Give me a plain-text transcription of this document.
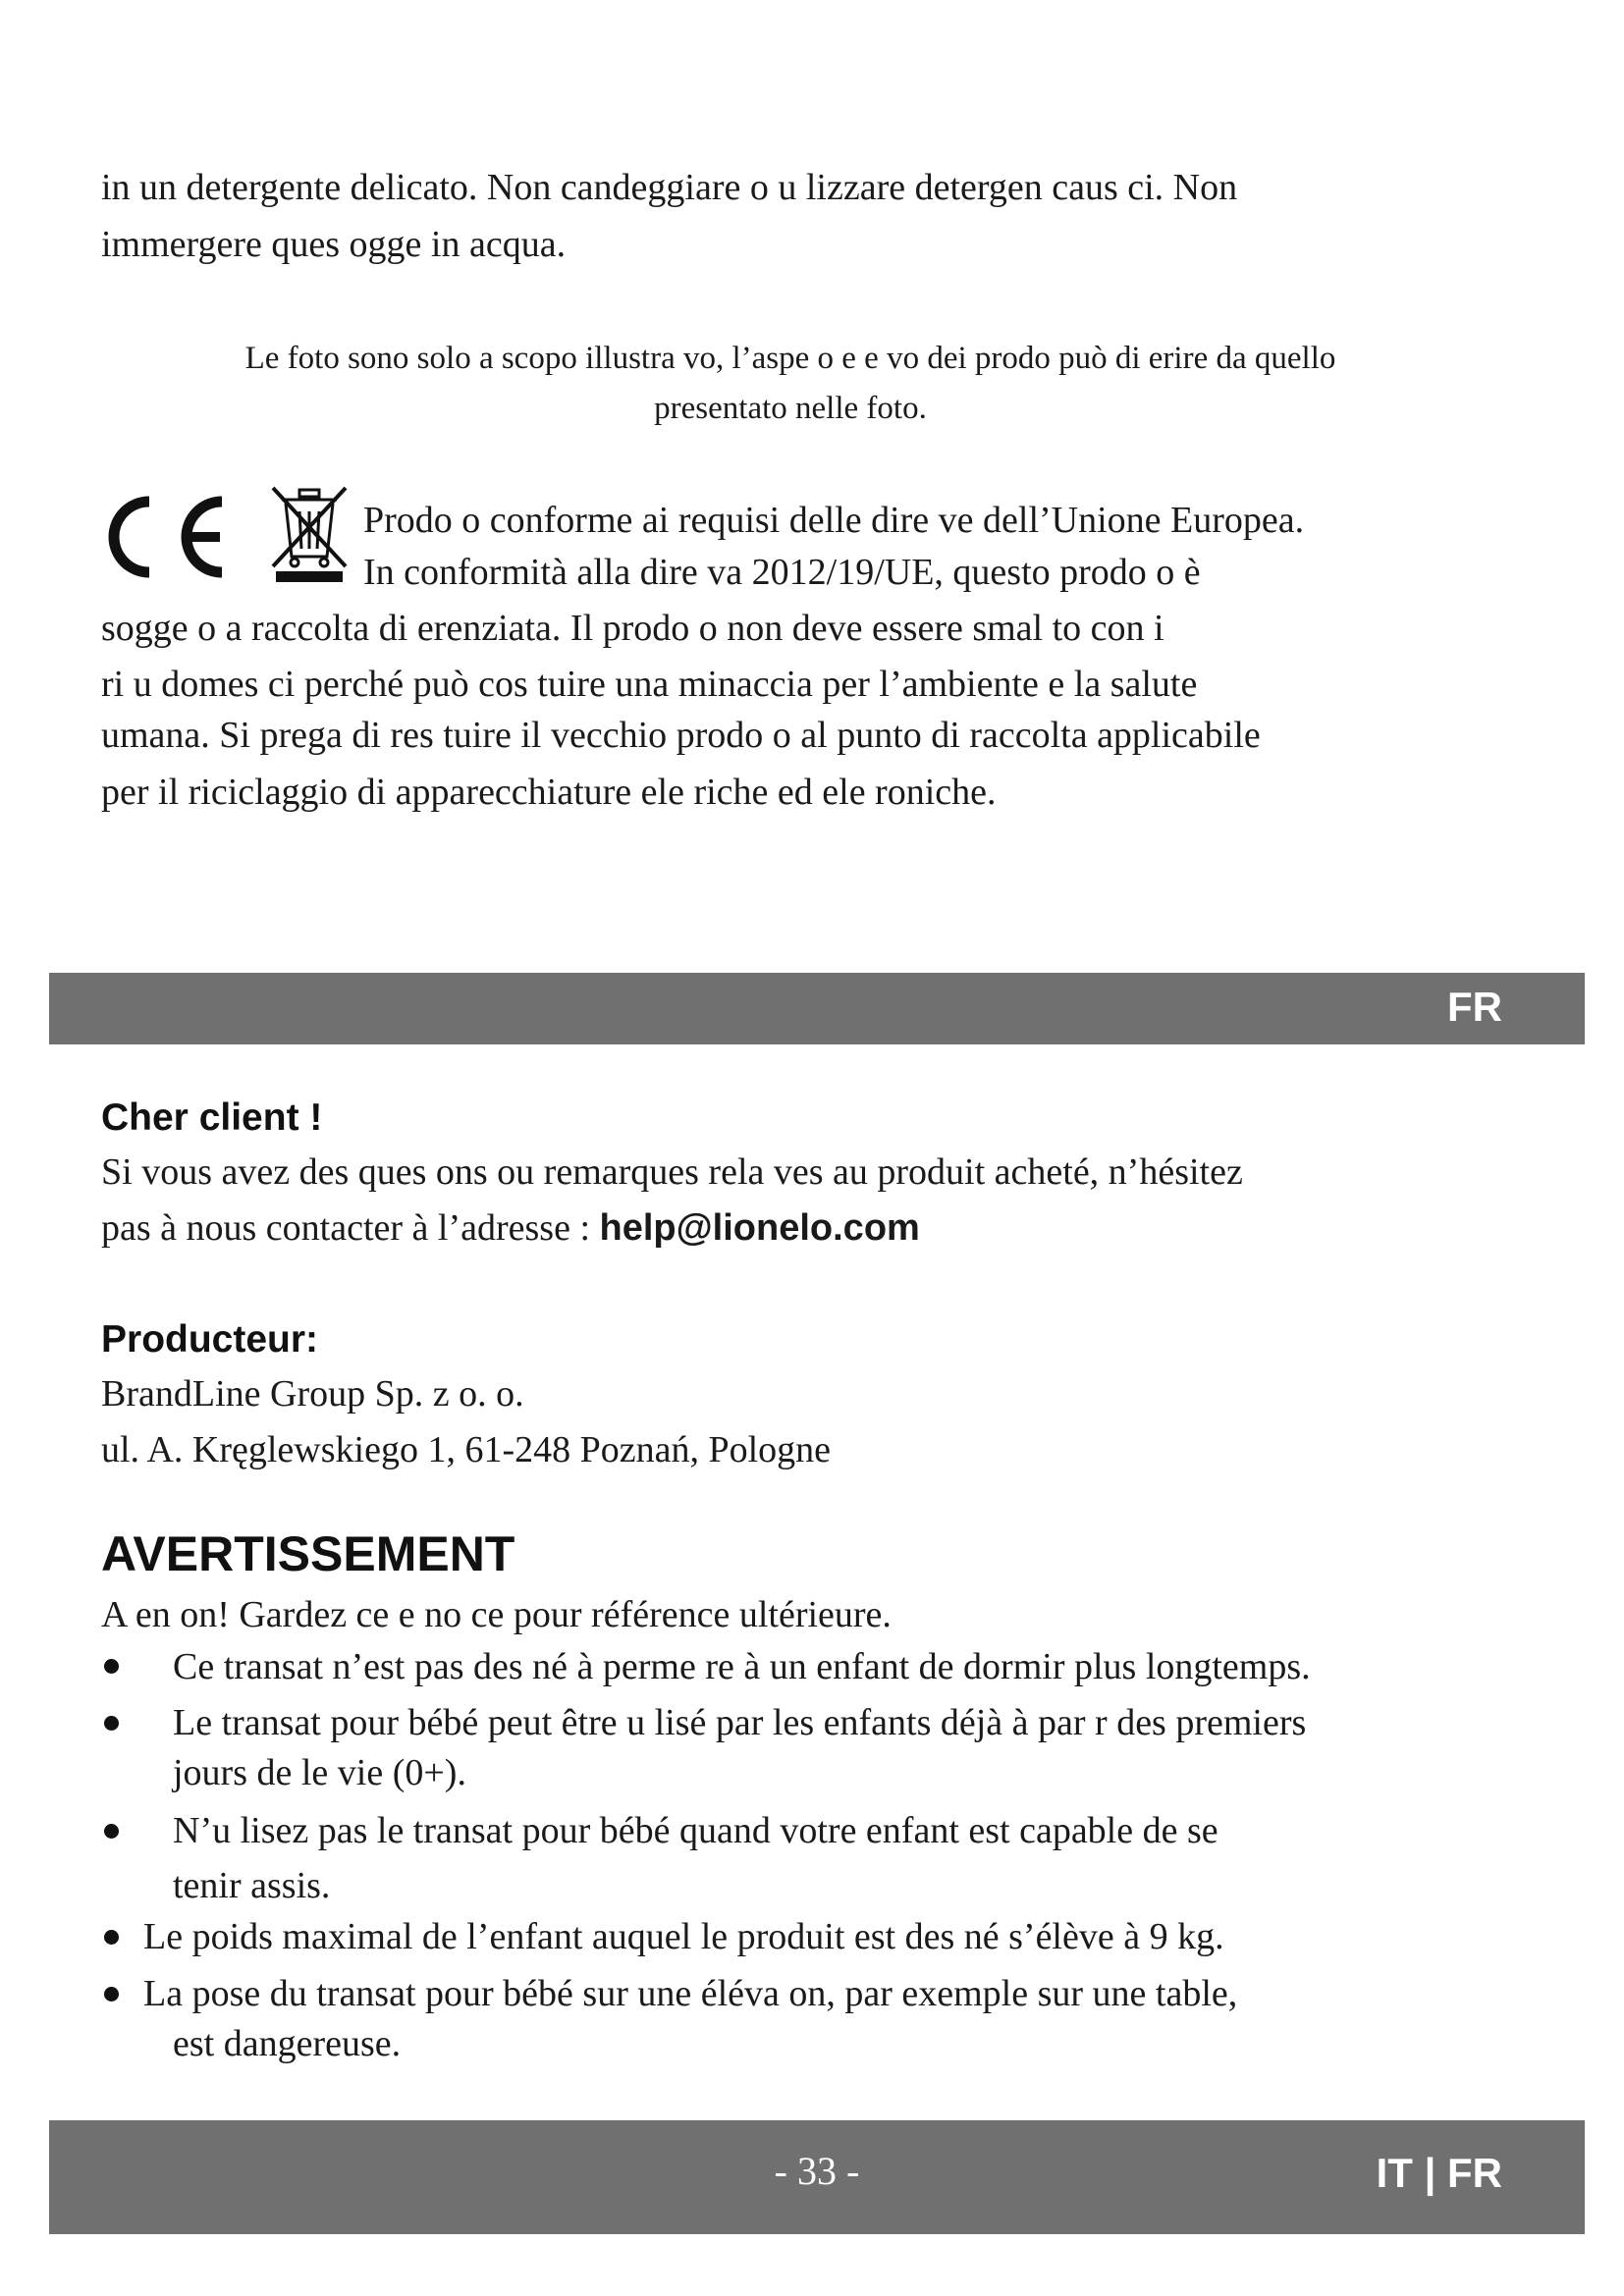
in un detergente delicato. Non candeggiare o u lizzare detergen caus ci. Non

immergere ques ogge in acqua.

Le foto sono solo a scopo illustra vo, l’aspe o e e vo dei prodo può di erire da quello
presentato nelle foto.

Prodo o conforme ai requisi delle dire ve dell’Unione Europea.

In conformità alla dire va 2012/19/UE, questo prodo o è

sogge o a raccolta di erenziata. Il prodo o non deve essere smal to con i

ri u domes ci perché può cos tuire una minaccia per l’ambiente e la salute

umana. Si prega di res tuire il vecchio prodo o al punto di raccolta applicabile

per il riciclaggio di apparecchiature ele riche ed ele roniche.

FR
Cher client !

Si vous avez des ques ons ou remarques rela ves au produit acheté, n’hésitez

pas à nous contacter à l’adresse : help@lionelo.com

Producteur:

BrandLine Group Sp. z o. o.

ul. A. Kręglewskiego 1, 61-248 Poznań, Pologne

AVERTISSEMENT

A en on! Gardez ce e no ce pour référence ultérieure.

Ce transat n’est pas des né à perme re à un enfant de dormir plus longtemps.
Le transat pour bébé peut être u lisé par les enfants déjà à par r des premiers
jours de le vie (0+).
N’u lisez pas le transat pour bébé quand votre enfant est capable de se
tenir assis.
Le poids maximal de l’enfant auquel le produit est des né s’élève à 9 kg.
La pose du transat pour bébé sur une éléva on, par exemple sur une table,
est dangereuse.
- 33 -	IT | FR
